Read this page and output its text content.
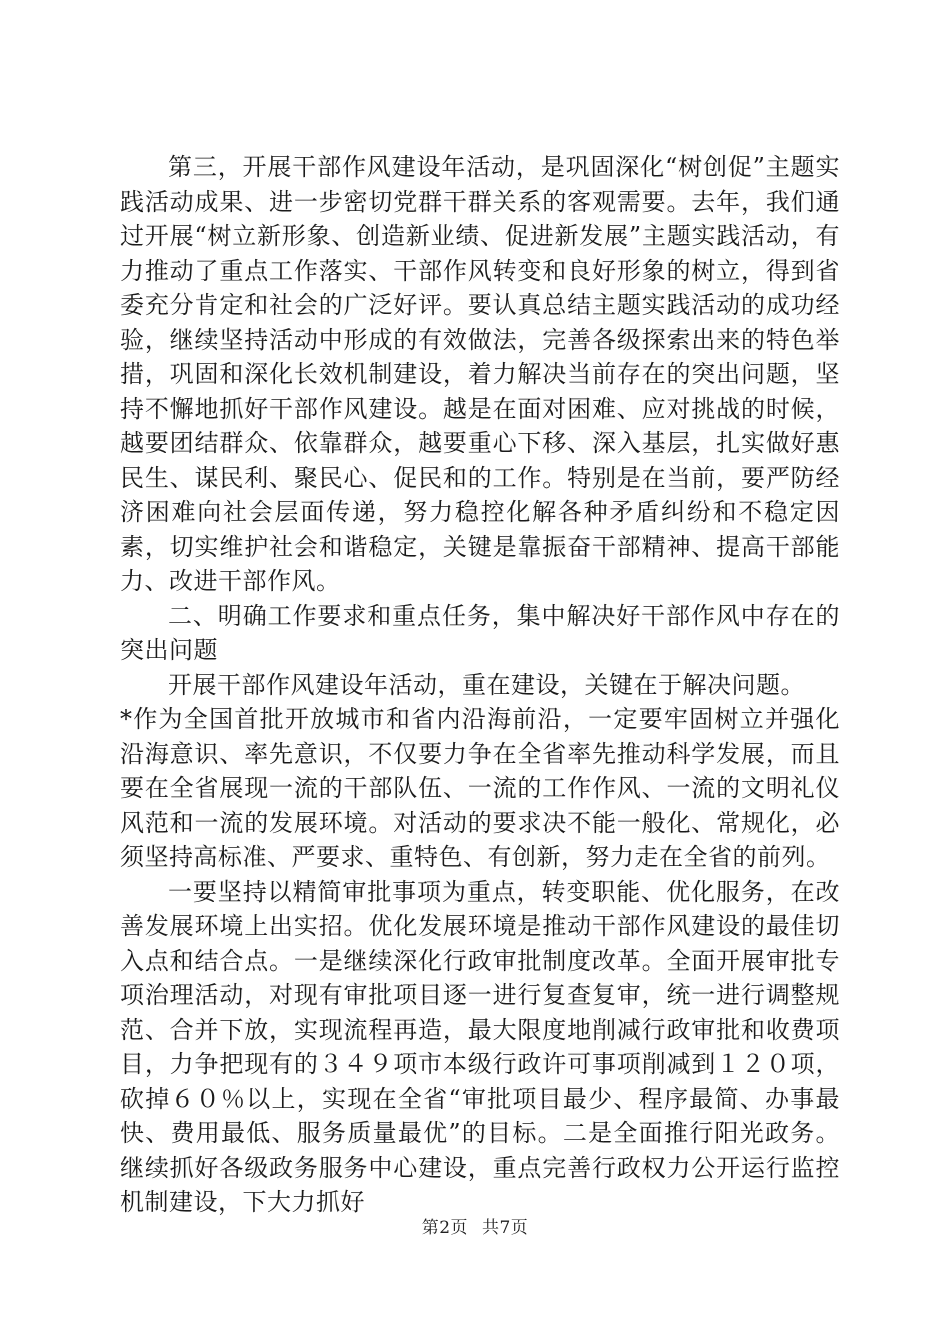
第三，开展干部作风建设年活动，是巩固深化“树创促”主题实践活动成果、进一步密切党群干群关系的客观需要。去年，我们通过开展“树立新形象、创造新业绩、促进新发展”主题实践活动，有力推动了重点工作落实、干部作风转变和良好形象的树立，得到省委充分肯定和社会的广泛好评。要认真总结主题实践活动的成功经验，继续坚持活动中形成的有效做法，完善各级探索出来的特色举措，巩固和深化长效机制建设，着力解决当前存在的突出问题，坚持不懈地抓好干部作风建设。越是在面对困难、应对挑战的时候，越要团结群众、依靠群众，越要重心下移、深入基层，扎实做好惠民生、谋民利、聚民心、促民和的工作。特别是在当前，要严防经济困难向社会层面传递，努力稳控化解各种矛盾纠纷和不稳定因素，切实维护社会和谐稳定，关键是靠振奋干部精神、提高干部能力、改进干部作风。

二、明确工作要求和重点任务，集中解决好干部作风中存在的突出问题

开展干部作风建设年活动，重在建设，关键在于解决问题。

*作为全国首批开放城市和省内沿海前沿，一定要牢固树立并强化沿海意识、率先意识，不仅要力争在全省率先推动科学发展，而且要在全省展现一流的干部队伍、一流的工作作风、一流的文明礼仪风范和一流的发展环境。对活动的要求决不能一般化、常规化，必须坚持高标准、严要求、重特色、有创新，努力走在全省的前列。

一要坚持以精简审批事项为重点，转变职能、优化服务，在改善发展环境上出实招。优化发展环境是推动干部作风建设的最佳切入点和结合点。一是继续深化行政审批制度改革。全面开展审批专项治理活动，对现有审批项目逐一进行复查复审，统一进行调整规范、合并下放，实现流程再造，最大限度地削减行政审批和收费项目，力争把现有的３４９项市本级行政许可事项削减到１２０项，砍掉６０％以上，实现在全省“审批项目最少、程序最简、办事最快、费用最低、服务质量最优”的目标。二是全面推行阳光政务。继续抓好各级政务服务中心建设，重点完善行政权力公开运行监控机制建设，下大力抓好

第2页 共7页
